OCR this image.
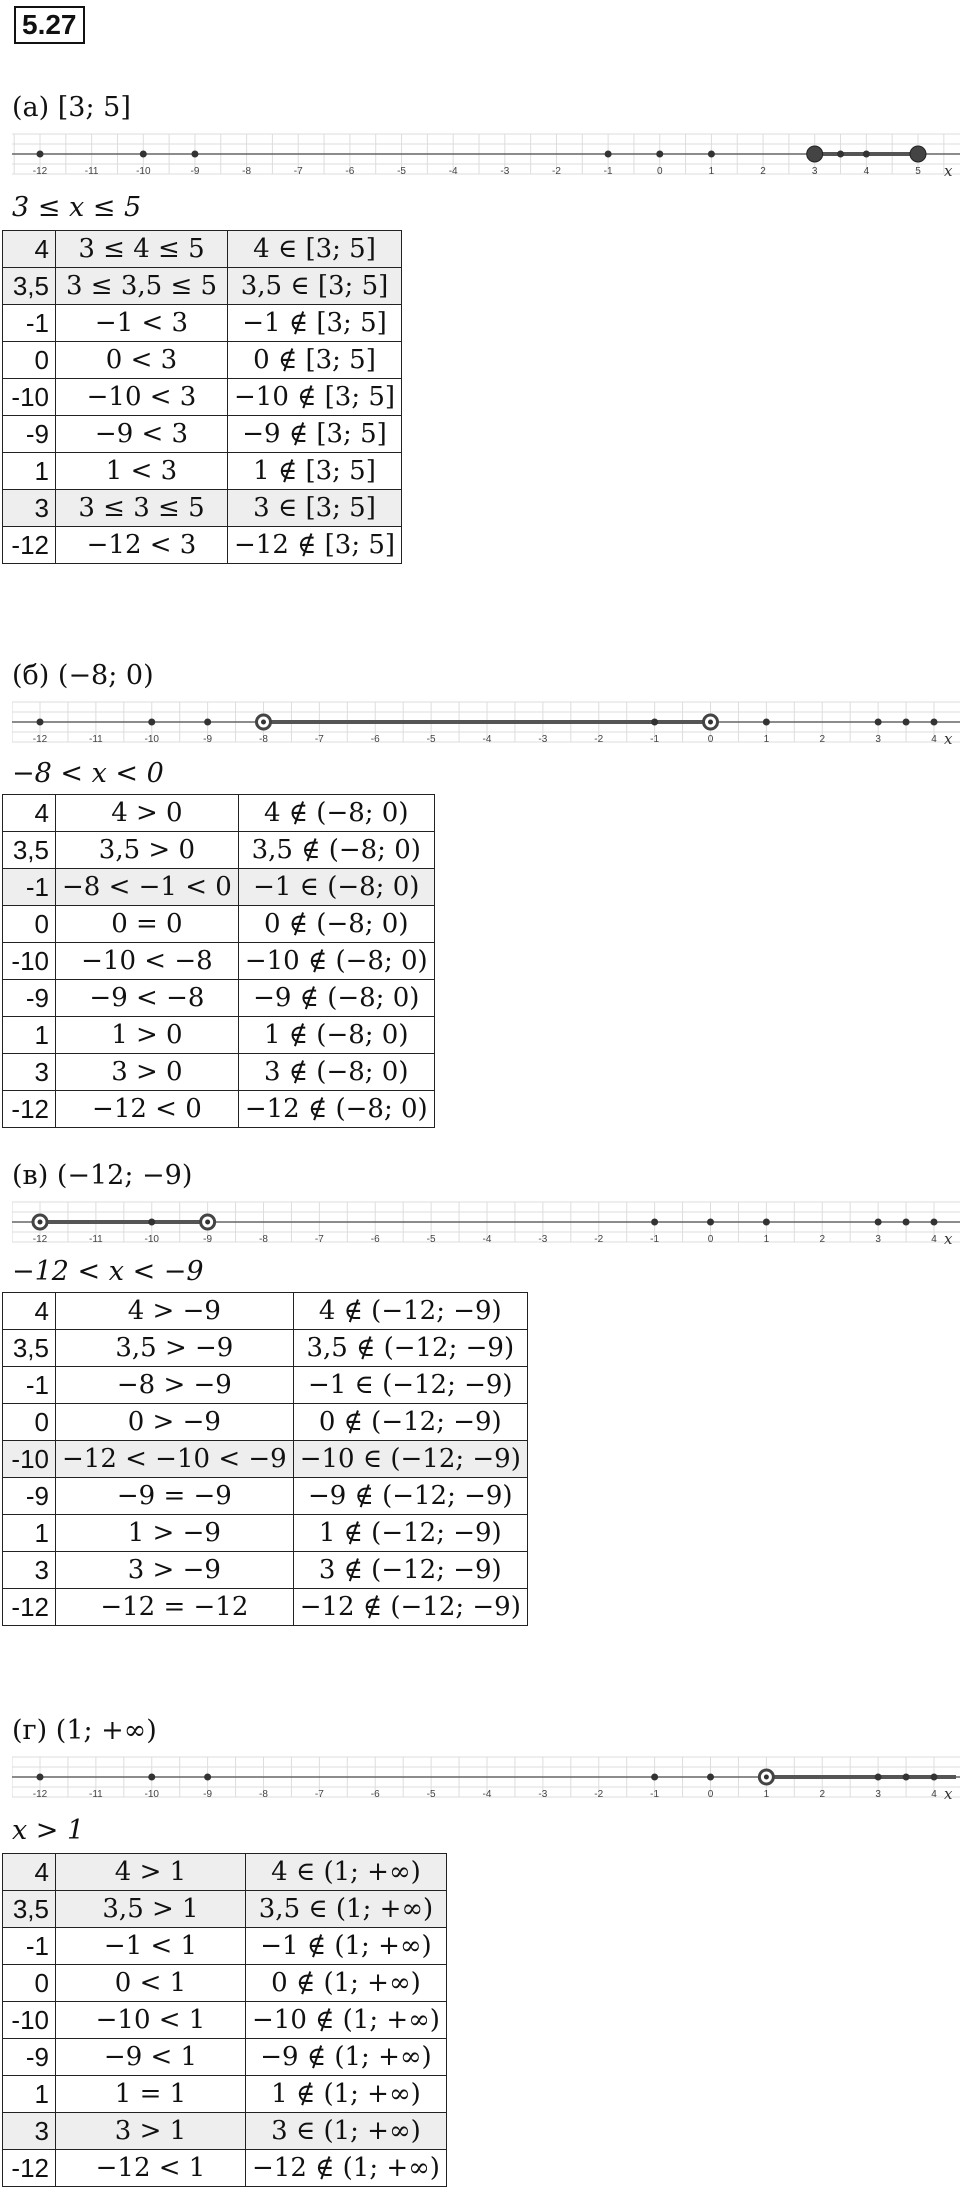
5.27
(а) [3; 5]
x
-12	-11	-10	-9	-8	-7	-6	-5	-4	-3	-2	-1	0	1	2	3	4	5
3 ≤ x ≤ 5
4	3 ≤ 4 ≤ 5	4 ∈ [3; 5]
3,5	3 ≤ 3,5 ≤ 5	3,5 ∈ [3; 5]
-1	−1 < 3	−1 ∉ [3; 5]
0	0 < 3	0 ∉ [3; 5]
-10	−10 < 3	−10 ∉ [3; 5]
-9	−9 < 3	−9 ∉ [3; 5]
1	1 < 3	1 ∉ [3; 5]
3	3 ≤ 3 ≤ 5	3 ∈ [3; 5]
-12	−12 < 3	−12 ∉ [3; 5]
(б) (−8; 0)
x
-12	-11	-10	-9	-8	-7	-6	-5	-4	-3	-2	-1	0	1	2	3	4
−8 < x < 0
4	4 > 0	4 ∉ (−8; 0)
3,5	3,5 > 0	3,5 ∉ (−8; 0)
-1	−8 < −1 < 0	−1 ∈ (−8; 0)
0	0 = 0	0 ∉ (−8; 0)
-10	−10 < −8	−10 ∉ (−8; 0)
-9	−9 < −8	−9 ∉ (−8; 0)
1	1 > 0	1 ∉ (−8; 0)
3	3 > 0	3 ∉ (−8; 0)
-12	−12 < 0	−12 ∉ (−8; 0)
(в) (−12; −9)
x
-12	-11	-10	-9	-8	-7	-6	-5	-4	-3	-2	-1	0	1	2	3	4
−12 < x < −9
4	4 > −9	4 ∉ (−12; −9)
3,5	3,5 > −9	3,5 ∉ (−12; −9)
-1	−8 > −9	−1 ∈ (−12; −9)
0	0 > −9	0 ∉ (−12; −9)
-10	−12 < −10 < −9	−10 ∈ (−12; −9)
-9	−9 = −9	−9 ∉ (−12; −9)
1	1 > −9	1 ∉ (−12; −9)
3	3 > −9	3 ∉ (−12; −9)
-12	−12 = −12	−12 ∉ (−12; −9)
(г) (1; +∞)
x
-12	-11	-10	-9	-8	-7	-6	-5	-4	-3	-2	-1	0	1	2	3	4
x > 1
4	4 > 1	4 ∈ (1; +∞)
3,5	3,5 > 1	3,5 ∈ (1; +∞)
-1	−1 < 1	−1 ∉ (1; +∞)
0	0 < 1	0 ∉ (1; +∞)
-10	−10 < 1	−10 ∉ (1; +∞)
-9	−9 < 1	−9 ∉ (1; +∞)
1	1 = 1	1 ∉ (1; +∞)
3	3 > 1	3 ∈ (1; +∞)
-12	−12 < 1	−12 ∉ (1; +∞)
